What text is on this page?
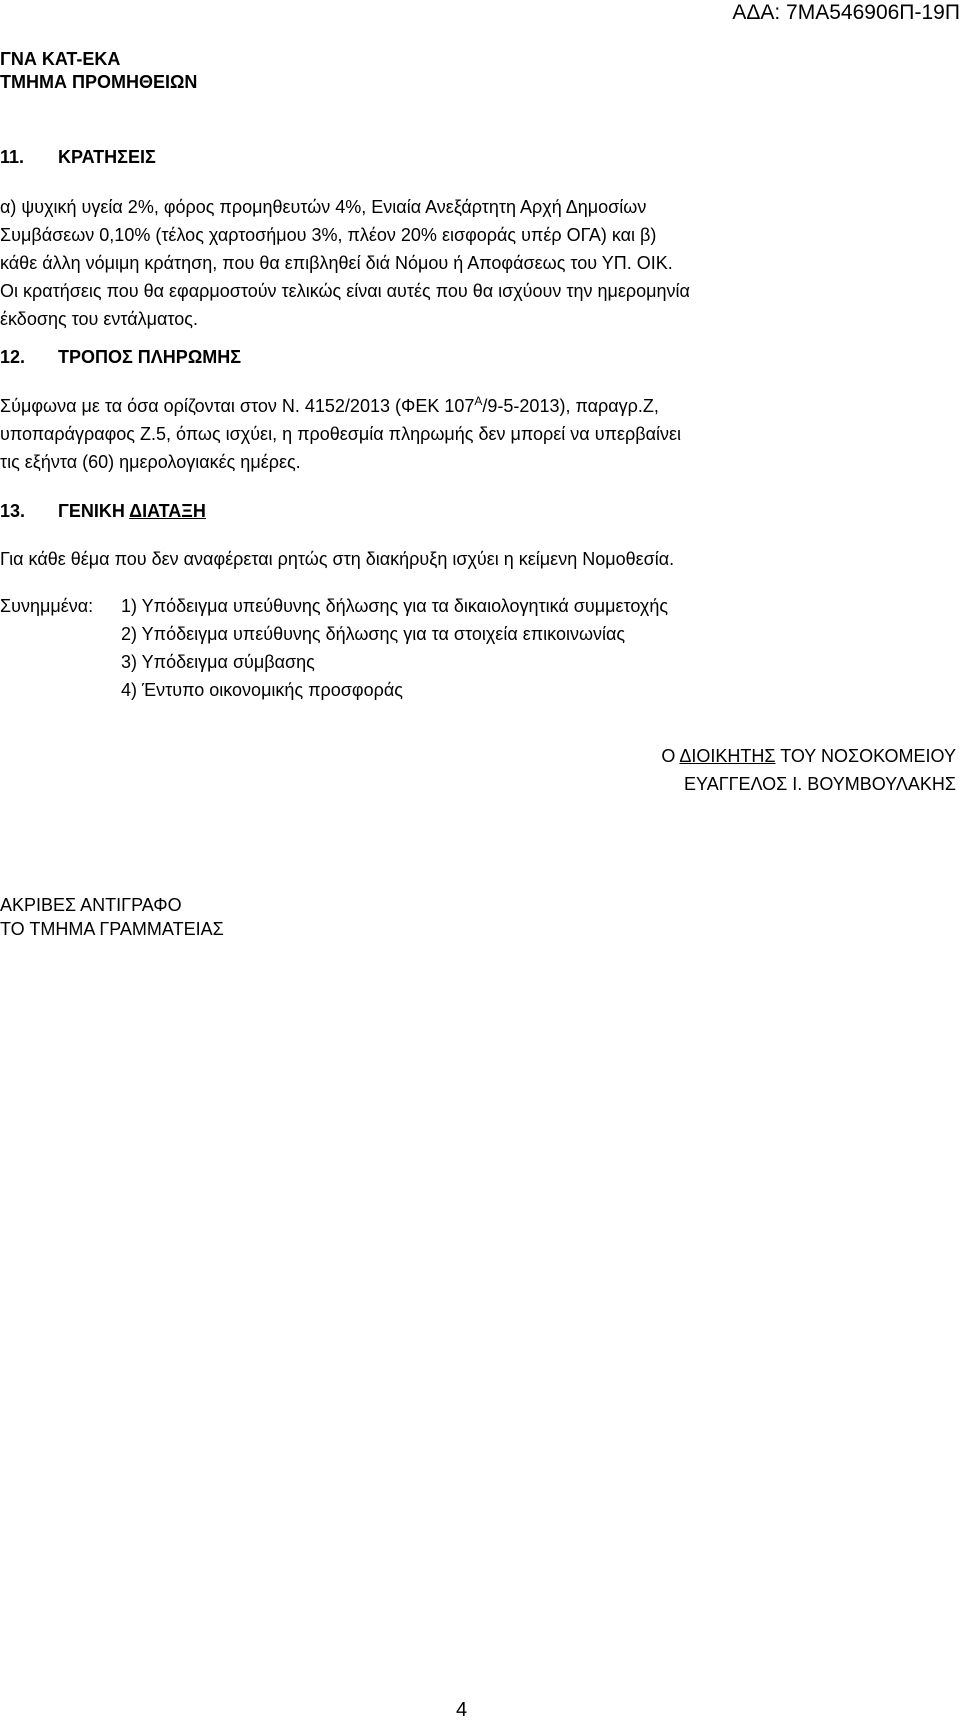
ΑΔΑ: 7ΜΑ546906Π-19Π
ΓΝΑ ΚΑΤ-ΕΚΑ
ΤΜΗΜΑ ΠΡΟΜΗΘΕΙΩΝ
11. ΚΡΑΤΗΣΕΙΣ
α) ψυχική υγεία 2%, φόρος προμηθευτών 4%, Ενιαία Ανεξάρτητη Αρχή Δημοσίων
Συμβάσεων 0,10% (τέλος χαρτοσήμου 3%, πλέον 20% εισφοράς υπέρ ΟΓΑ) και β)
κάθε άλλη νόμιμη κράτηση, που θα επιβληθεί διά Νόμου ή Αποφάσεως του ΥΠ. ΟΙΚ.
Οι κρατήσεις που θα εφαρμοστούν τελικώς είναι αυτές που θα ισχύουν την ημερομηνία
έκδοσης του εντάλματος.
12. ΤΡΟΠΟΣ ΠΛΗΡΩΜΗΣ
Σύμφωνα με τα όσα ορίζονται στον Ν. 4152/2013 (ΦΕΚ $107^A/9-5-2013$), παραγρ.Ζ,
υποπαράγραφος Ζ.5, όπως ισχύει, η προθεσμία πληρωμής δεν μπορεί να υπερβαίνει
τις εξήντα (60) ημερολογιακές ημέρες.
13. ΓΕΝΙΚΗ ΔΙΑΤΑΞΗ
Για κάθε θέμα που δεν αναφέρεται ρητώς στη διακήρυξη ισχύει η κείμενη Νομοθεσία.
Συνημμένα: 1) Υπόδειγμα υπεύθυνης δήλωσης για τα δικαιολογητικά συμμετοχής
2) Υπόδειγμα υπεύθυνης δήλωσης για τα στοιχεία επικοινωνίας
3) Υπόδειγμα σύμβασης
4) Έντυπο οικονομικής προσφοράς
Ο ΔΙΟΙΚΗΤΗΣ ΤΟΥ ΝΟΣΟΚΟΜΕΙΟΥ
ΕΥΑΓΓΕΛΟΣ Ι. ΒΟΥΜΒΟΥΛΑΚΗΣ
ΑΚΡΙΒΕΣ ΑΝΤΙΓΡΑΦΟ
ΤΟ ΤΜΗΜΑ ΓΡΑΜΜΑΤΕΙΑΣ
4
